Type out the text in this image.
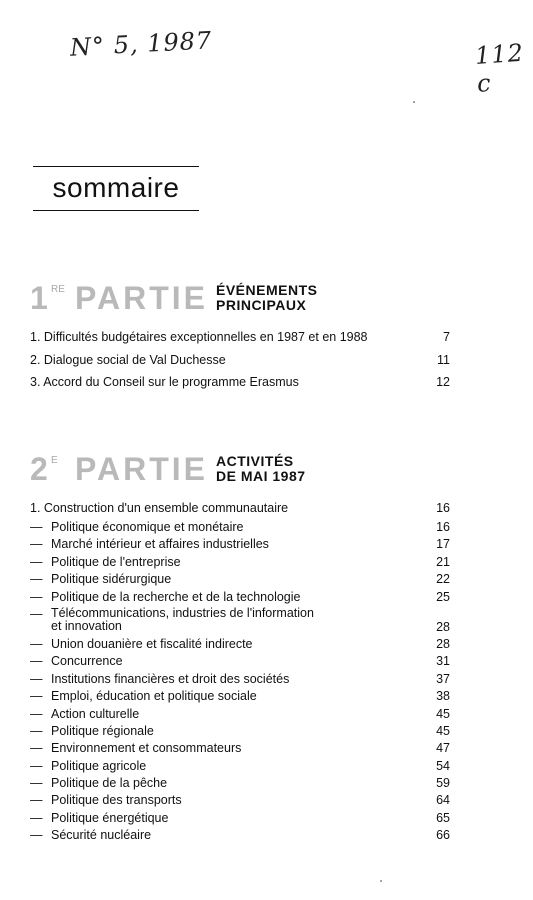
N° 5, 1987	112 c
sommaire
1 RE PARTIE ÉVÉNEMENTS
PRINCIPAUX
1. Difficultés budgétaires exceptionnelles en 1987 et en 1988	7
2. Dialogue social de Val Duchesse	11
3. Accord du Conseil sur le programme Erasmus	12
2 E PARTIE ACTIVITÉS
DE MAI 1987
1. Construction d'un ensemble communautaire	16
— Politique économique et monétaire	16
— Marché intérieur et affaires industrielles	17
— Politique de l'entreprise	21
— Politique sidérurgique	22
— Politique de la recherche et de la technologie	25
— Télécommunications, industries de l'information

et innovation	28
— Union douanière et fiscalité indirecte	28
— Concurrence	31
— Institutions financières et droit des sociétés	37
— Emploi, éducation et politique sociale	38
— Action culturelle	45
— Politique régionale	45
— Environnement et consommateurs	47
— Politique agricole	54
— Politique de la pêche	59
— Politique des transports	64
— Politique énergétique	65
— Sécurité nucléaire	66
